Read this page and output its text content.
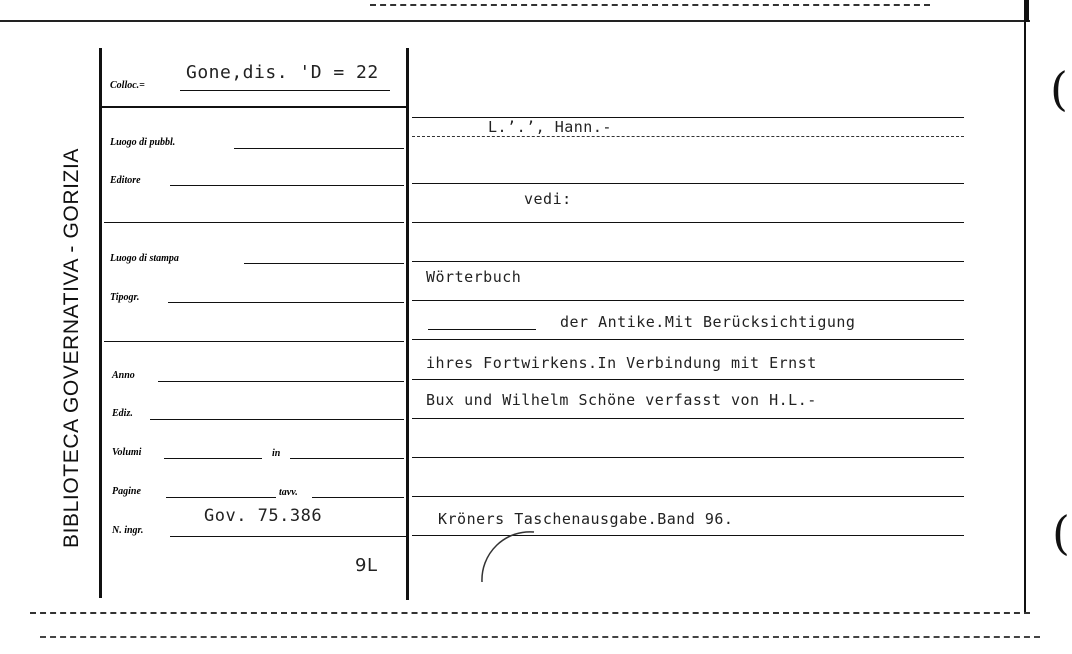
(
(
BIBLIOTECA GOVERNATIVA - GORIZIA
Colloc.=
Gone,dis. 'D = 22
Luogo di pubbl.
Editore
Luogo di stampa
Tipogr.
Anno
Ediz.
Volumi	in
Pagine	tavv.
N. ingr.
Gov. 75.386
9L
L.’.’, Hann.-
vedi:
Wörterbuch
der Antike.Mit Berücksichtigung
ihres Fortwirkens.In Verbindung mit Ernst
Bux und Wilhelm Schöne verfasst von H.L.-
Kröners Taschenausgabe.Band 96.
